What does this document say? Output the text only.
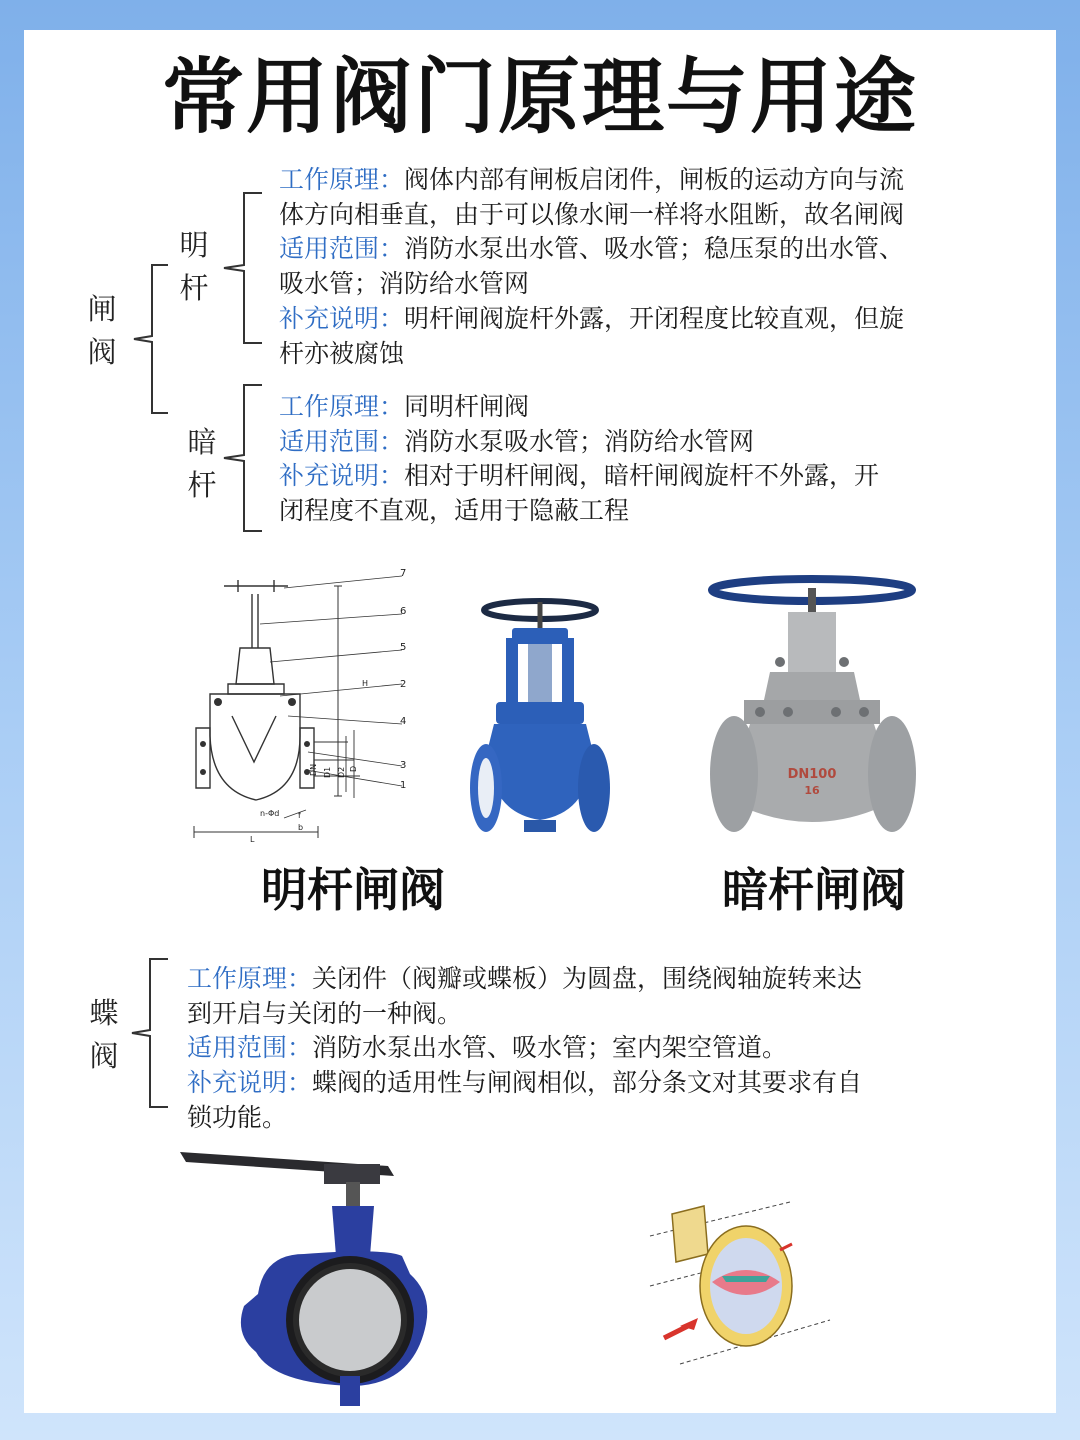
常用阀门原理与用途
闸
阀
明
杆
工作原理：阀体内部有闸板启闭件，闸板的运动方向与流
体方向相垂直，由于可以像水闸一样将水阻断，故名闸阀
适用范围：消防水泵出水管、吸水管；稳压泵的出水管、
吸水管；消防给水管网
补充说明：明杆闸阀旋杆外露，开闭程度比较直观，但旋
杆亦被腐蚀
暗
杆
工作原理：同明杆闸阀
适用范围：消防水泵吸水管；消防给水管网
补充说明：相对于明杆闸阀，暗杆闸阀旋杆不外露，开
闭程度不直观，适用于隐蔽工程
7
6
5
2
4
3
1
H
DN D1 D2 D
n-Φd
L
f
b
DN100
16
明杆闸阀	暗杆闸阀
蝶
阀
工作原理：关闭件（阀瓣或蝶板）为圆盘，围绕阀轴旋转来达
到开启与关闭的一种阀。
适用范围：消防水泵出水管、吸水管；室内架空管道。
补充说明：蝶阀的适用性与闸阀相似，部分条文对其要求有自
锁功能。
